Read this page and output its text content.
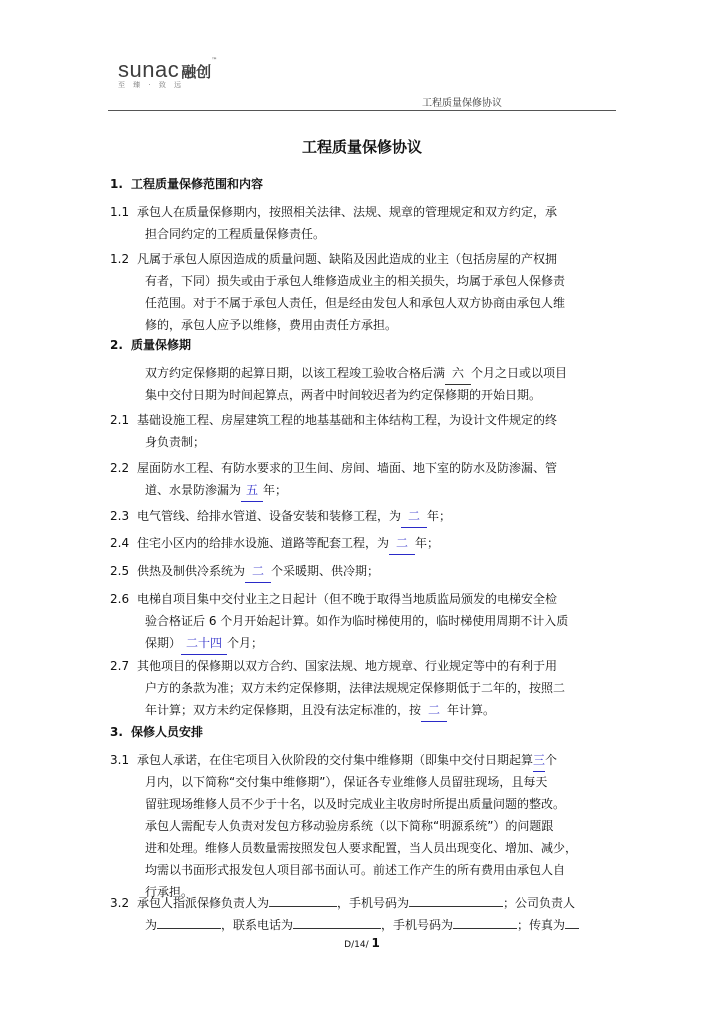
sunac 融创™
至 臻 · 致 远
工程质量保修协议
工程质量保修协议
1. 工程质量保修范围和内容
1.1 承包人在质量保修期内，按照相关法律、法规、规章的管理规定和双方约定，承
担合同约定的工程质量保修责任。
1.2 凡属于承包人原因造成的质量问题、缺陷及因此造成的业主（包括房屋的产权拥
有者，下同）损失或由于承包人维修造成业主的相关损失，均属于承包人保修责
任范围。对于不属于承包人责任，但是经由发包人和承包人双方协商由承包人维
修的，承包人应予以维修，费用由责任方承担。
2. 质量保修期
双方约定保修期的起算日期，以该工程竣工验收合格后满 六 个月之日或以项目
集中交付日期为时间起算点，两者中时间较迟者为约定保修期的开始日期。
2.1 基础设施工程、房屋建筑工程的地基基础和主体结构工程，为设计文件规定的终
身负责制；
2.2 屋面防水工程、有防水要求的卫生间、房间、墙面、地下室的防水及防渗漏、管
道、水景防渗漏为 五 年；
2.3 电气管线、给排水管道、设备安装和装修工程，为 二 年；
2.4 住宅小区内的给排水设施、道路等配套工程，为 二 年；
2.5 供热及制供冷系统为 二 个采暖期、供冷期；
2.6 电梯自项目集中交付业主之日起计（但不晚于取得当地质监局颁发的电梯安全检
验合格证后 6 个月开始起计算。如作为临时梯使用的，临时梯使用周期不计入质
保期） 二十四 个月；
2.7 其他项目的保修期以双方合约、国家法规、地方规章、行业规定等中的有利于用
户方的条款为准；双方未约定保修期，法律法规规定保修期低于二年的，按照二
年计算；双方未约定保修期，且没有法定标准的，按 二 年计算。
3. 保修人员安排
3.1 承包人承诺，在住宅项目入伙阶段的交付集中维修期（即集中交付日期起算三个
月内，以下简称“交付集中维修期”），保证各专业维修人员留驻现场，且每天
留驻现场维修人员不少于十名，以及时完成业主收房时所提出质量问题的整改。
承包人需配专人负责对发包方移动验房系统（以下简称“明源系统”）的问题跟
进和处理。维修人员数量需按照发包人要求配置，当人员出现变化、增加、减少，
均需以书面形式报发包人项目部书面认可。前述工作产生的所有费用由承包人自
行承担。
3.2 承包人指派保修负责人为	，手机号码为	；公司负责人
为	，联系电话为	，手机号码为	；传真为
D/14/ 1
